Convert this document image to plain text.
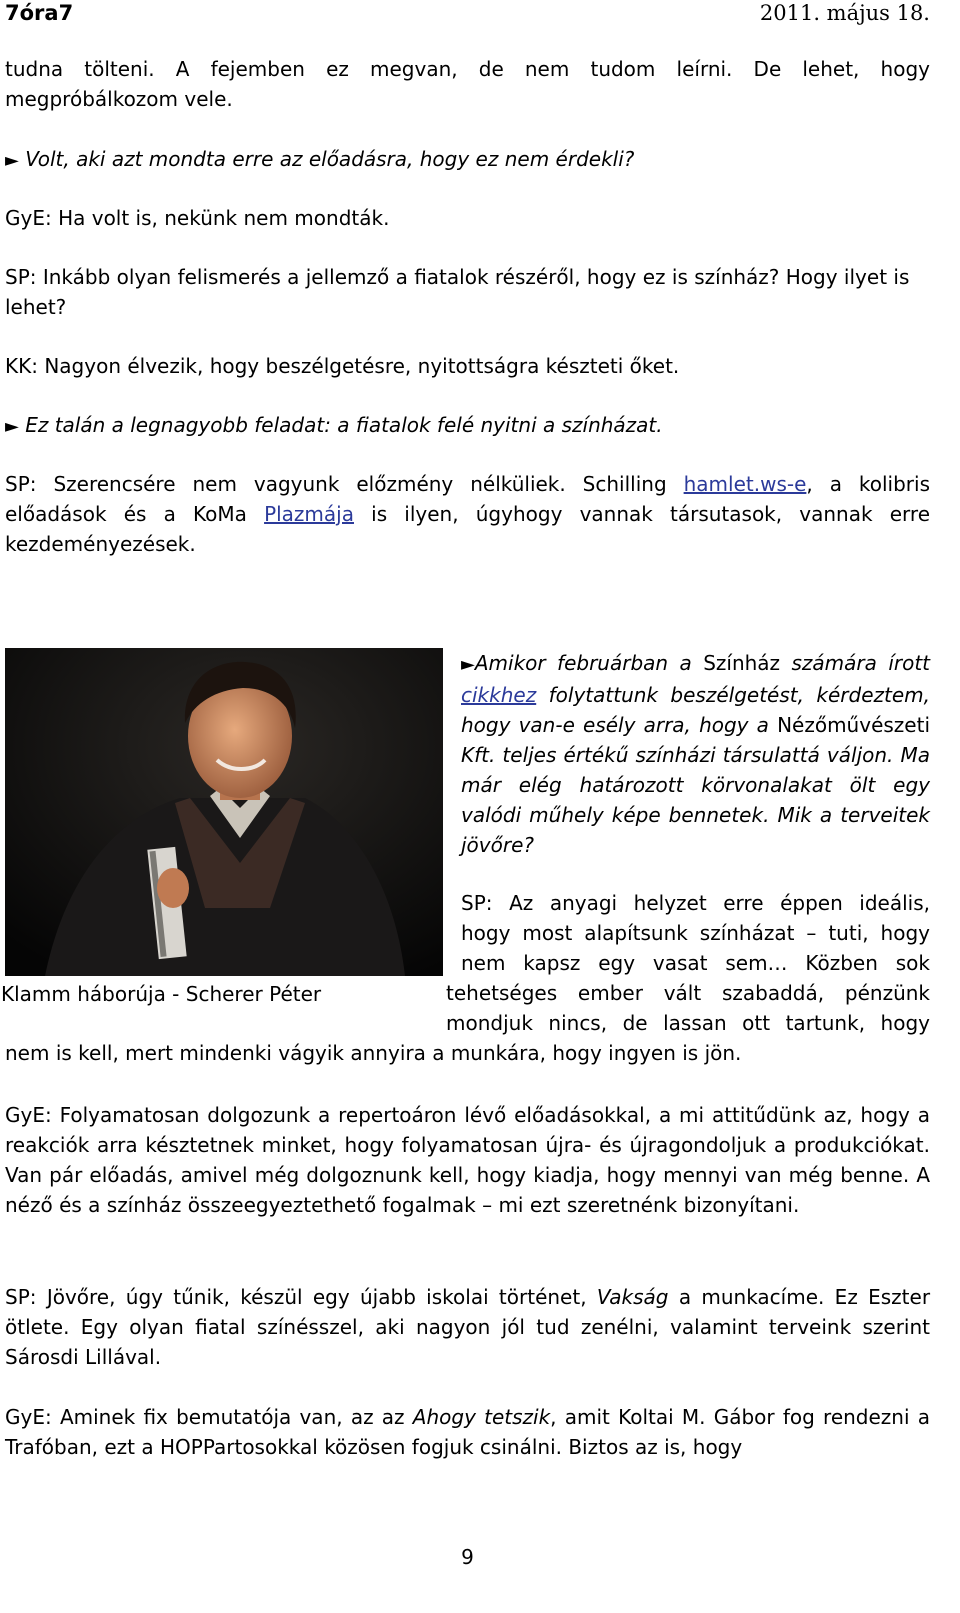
7óra7	2011. május 18.

tudna tölteni. A fejemben ez megvan, de nem tudom leírni. De lehet, hogy megpróbálkozom vele.

► Volt, aki azt mondta erre az előadásra, hogy ez nem érdekli?

GyE: Ha volt is, nekünk nem mondták.

SP: Inkább olyan felismerés a jellemző a fiatalok részéről, hogy ez is színház? Hogy ilyet is lehet?

KK: Nagyon élvezik, hogy beszélgetésre, nyitottságra készteti őket.

► Ez talán a legnagyobb feladat: a fiatalok felé nyitni a színházat.

SP: Szerencsére nem vagyunk előzmény nélküliek. Schilling hamlet.ws-e, a kolibris előadások és a KoMa Plazmája is ilyen, úgyhogy vannak társutasok, vannak erre kezdeményezések.

Klamm háborúja - Scherer Péter

►Amikor februárban a Színház számára írott cikkhez folytattunk beszélgetést, kérdeztem, hogy van-e esély arra, hogy a Nézőművészeti Kft. teljes értékű színházi társulattá váljon. Ma már elég határozott körvonalakat ölt egy valódi műhely képe bennetek. Mik a terveitek jövőre?

SP: Az anyagi helyzet erre éppen ideális,

hogy most alapítsunk színházat – tuti, hogy

nem kapsz egy vasat sem… Közben sok

tehetséges ember vált szabaddá, pénzünk

mondjuk nincs, de lassan ott tartunk, hogy

nem is kell, mert mindenki vágyik annyira a munkára, hogy ingyen is jön.

GyE: Folyamatosan dolgozunk a repertoáron lévő előadásokkal, a mi attitűdünk az, hogy a reakciók arra késztetnek minket, hogy folyamatosan újra- és újragondoljuk a produkciókat. Van pár előadás, amivel még dolgoznunk kell, hogy kiadja, hogy mennyi van még benne. A néző és a színház összeegyeztethető fogalmak – mi ezt szeretnénk bizonyítani.

SP: Jövőre, úgy tűnik, készül egy újabb iskolai történet, Vakság a munkacíme. Ez Eszter ötlete. Egy olyan fiatal színésszel, aki nagyon jól tud zenélni, valamint terveink szerint Sárosdi Lillával.

GyE: Aminek fix bemutatója van, az az Ahogy tetszik, amit Koltai M. Gábor fog rendezni a Trafóban, ezt a HOPPartosokkal közösen fogjuk csinálni. Biztos az is, hogy

9
